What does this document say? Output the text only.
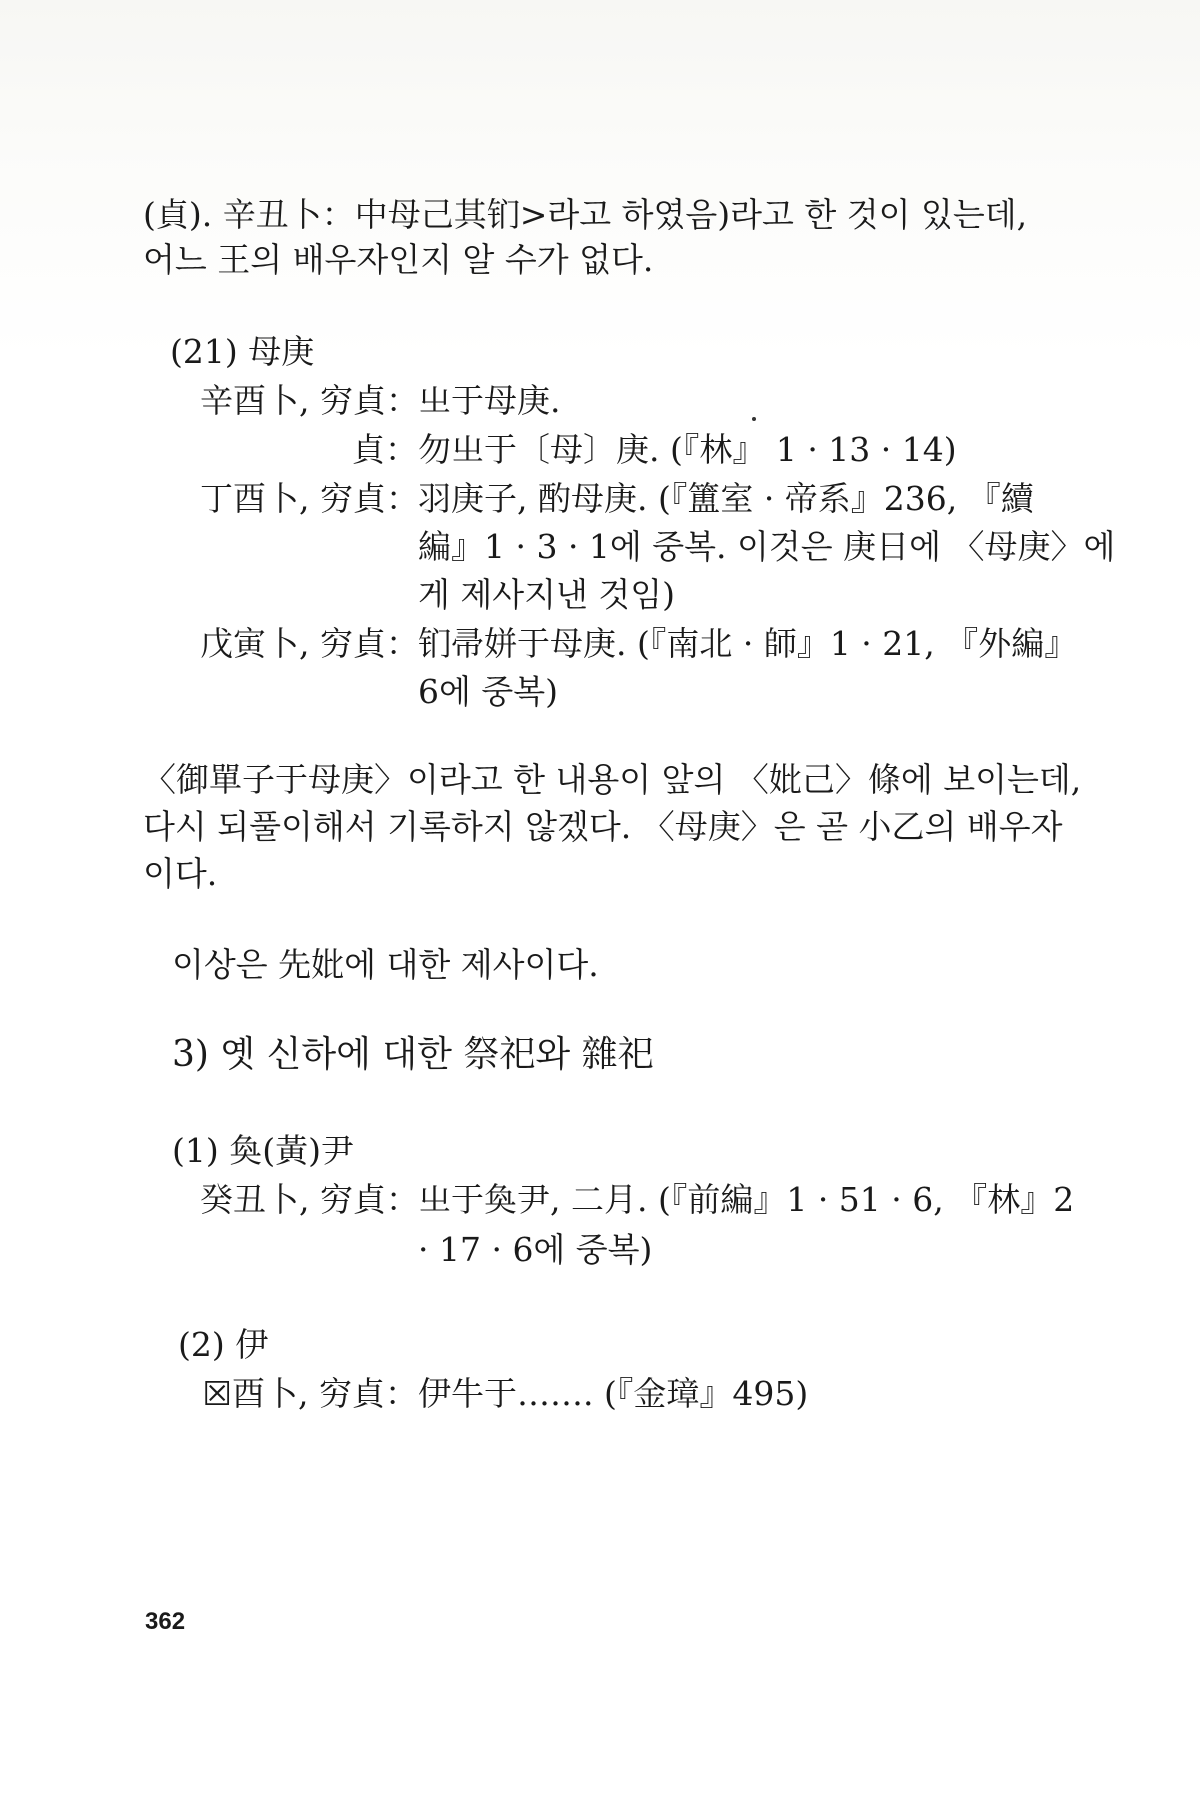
(貞). 辛丑卜：中母己其钔>라고 하였음)라고 한 것이 있는데,
어느 王의 배우자인지 알 수가 없다.
(21) 母庚
辛酉卜, 穷貞： 㞢于母庚.
貞： 勿㞢于〔母〕庚. (『林』 1 · 13 · 14)
丁酉卜, 穷貞： 羽庚子, 酌母庚. (『簠室 · 帝系』236, 『續
編』1 · 3 · 1에 중복. 이것은 庚日에 〈母庚〉에
게 제사지낸 것임)
戊寅卜, 穷貞： 钔帚姘于母庚. (『南北 · 師』1 · 21, 『外編』
6에 중복)
〈御單子于母庚〉이라고 한 내용이 앞의 〈妣己〉條에 보이는데,
다시 되풀이해서 기록하지 않겠다. 〈母庚〉은 곧 小乙의 배우자
이다.
이상은 先妣에 대한 제사이다.
3) 옛 신하에 대한 祭祀와 雜祀
(1) 奐(黃)尹
癸丑卜, 穷貞： 㞢于奐尹, 二月. (『前編』1 · 51 · 6, 『林』2
· 17 · 6에 중복)
(2) 伊
☒酉卜, 穷貞： 伊牛于……. (『金璋』495)
362
